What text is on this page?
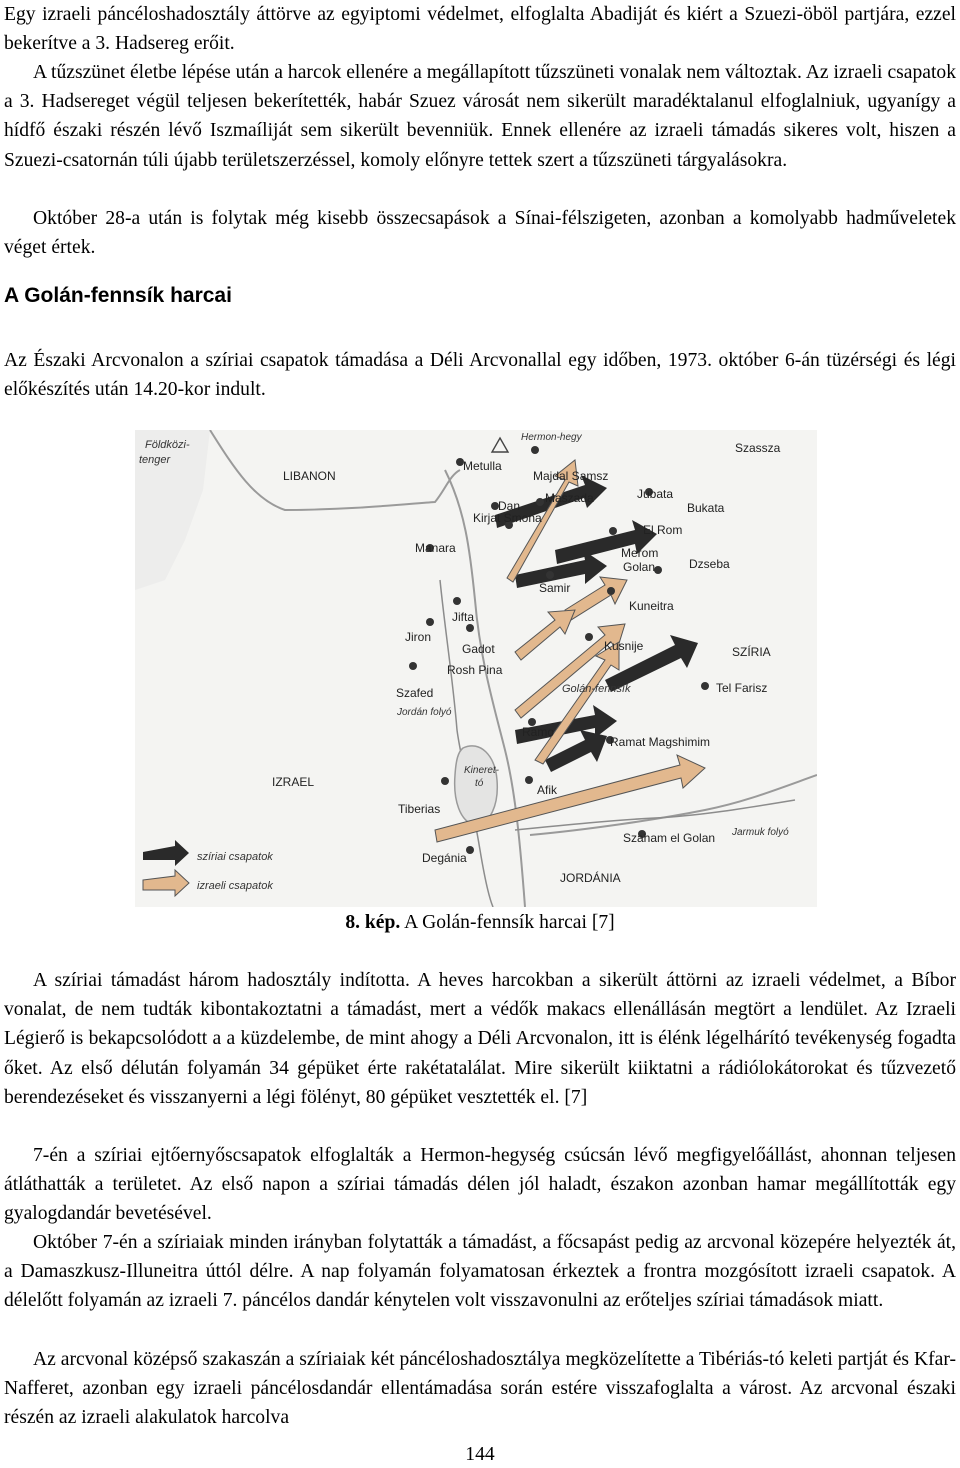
Egy izraeli páncéloshadosztály áttörve az egyiptomi védelmet, elfoglalta Abadiját és kiért a Szuezi-öböl partjára, ezzel bekerítve a 3. Hadsereg erőit.

A tűzszünet életbe lépése után a harcok ellenére a megállapított tűzszüneti vonalak nem változtak. Az izraeli csapatok a 3. Hadsereget végül teljesen bekerítették, habár Szuez városát nem sikerült maradéktalanul elfoglalniuk, ugyanígy a hídfő északi részén lévő Iszmaíliját sem sikerült bevenniük. Ennek ellenére az izraeli támadás sikeres volt, hiszen a Szuezi-csatornán túli újabb területszerzéssel, komoly előnyre tettek szert a tűzszüneti tárgyalásokra.

Október 28-a után is folytak még kisebb összecsapások a Sínai-félszigeten, azonban a komolyabb hadműveletek véget értek.

A Golán-fennsík harcai

Az Északi Arcvonalon a szíriai csapatok támadása a Déli Arcvonallal egy időben, 1973. október 6-án tüzérségi és légi előkészítés után 14.20-kor indult.

Földközi-
tenger
LIBANON
Hermon-hegy
Szassza
Metulla
Majdal Samsz
Maszada	Jubata
Bukata
Dan
Kirjat Smona
El Rom
Manara	Merom
Golan	Dzseba
Samir
Kuneitra
Jifta
Jiron
Gadot	Kusnije	SZÍRIA
Rosh Pina
Szafed	Golán-fennsík	Tel Farisz
Jordán folyó
Ramo
Ramat Magshimim
IZRAEL
Kineret-
tó
Tiberias
Afik
Szaham el Golan Jarmuk folyó
Degánia
JORDÁNIA
szíriai csapatok
izraeli csapatok
8. kép. A Golán-fennsík harcai [7]

A szíriai támadást három hadosztály indította. A heves harcokban a sikerült áttörni az izraeli védelmet, a Bíbor vonalat, de nem tudták kibontakoztatni a támadást, mert a védők makacs ellenállásán megtört a lendület. Az Izraeli Légierő is bekapcsolódott a a küzdelembe, de mint ahogy a Déli Arcvonalon, itt is élénk légelhárító tevékenység fogadta őket. Az első délután folyamán 34 gépüket érte rakétatalálat. Mire sikerült kiiktatni a rádiólokátorokat és tűzvezető berendezéseket és visszanyerni a légi fölényt, 80 gépüket vesztették el. [7]

7-én a szíriai ejtőernyőscsapatok elfoglalták a Hermon-hegység csúcsán lévő megfigyelőállást, ahonnan teljesen átláthatták a területet. Az első napon a szíriai támadás délen jól haladt, északon azonban hamar megállították egy gyalogdandár bevetésével.

Október 7-én a szíriaiak minden irányban folytatták a támadást, a főcsapást pedig az arcvonal közepére helyezték át, a Damaszkusz-Illuneitra úttól délre. A nap folyamán folyamatosan érkeztek a frontra mozgósított izraeli csapatok. A délelőtt folyamán az izraeli 7. páncélos dandár kénytelen volt visszavonulni az erőteljes szíriai támadások miatt.

Az arcvonal középső szakaszán a szíriaiak két páncéloshadosztálya megközelítette a Tibériás-tó keleti partját és Kfar-Nafferet, azonban egy izraeli páncélosdandár ellentámadása során estére visszafoglalta a várost. Az arcvonal északi részén az izraeli alakulatok harcolva

144
